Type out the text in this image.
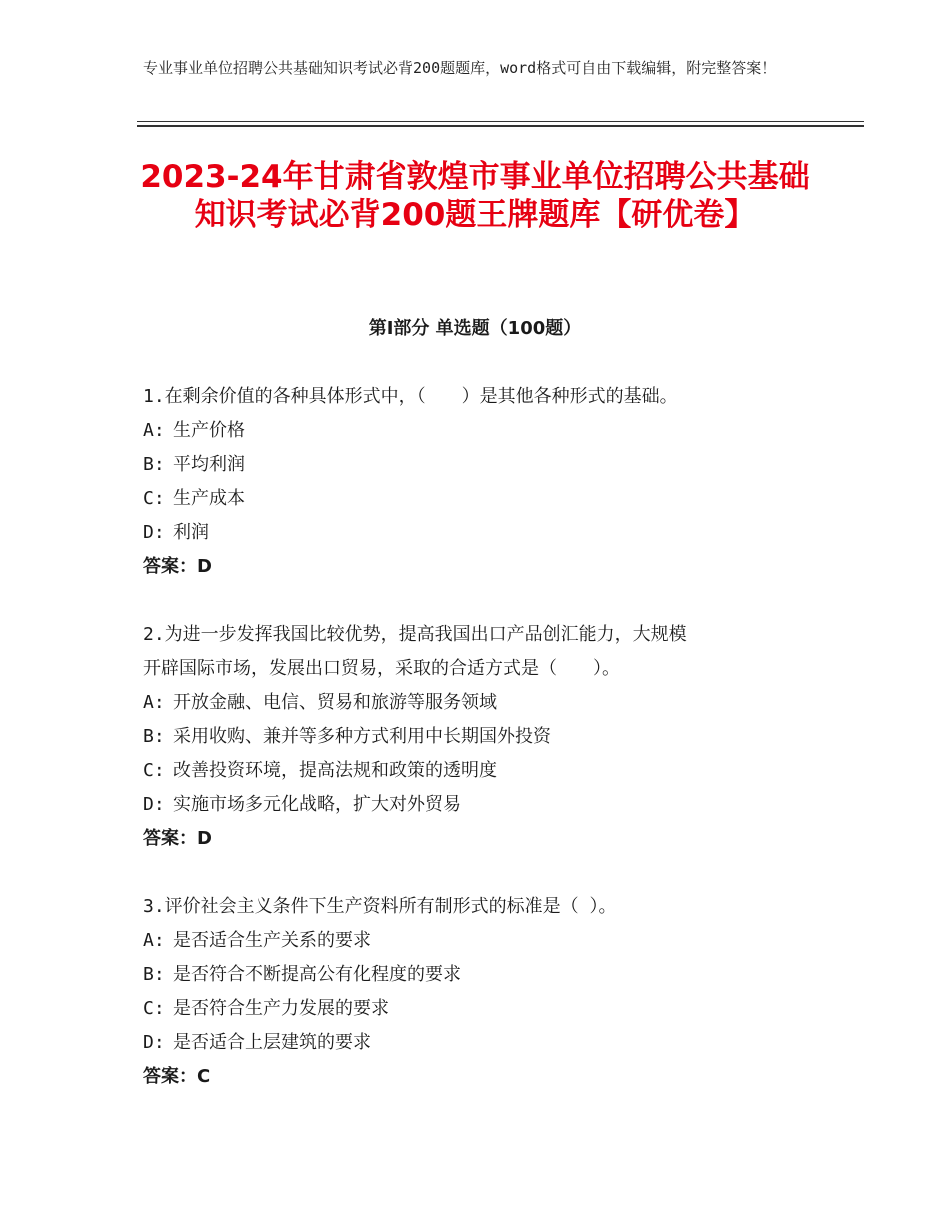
专业事业单位招聘公共基础知识考试必背200题题库，word格式可自由下载编辑，附完整答案！
2023-24年甘肃省敦煌市事业单位招聘公共基础知识考试必背200题王牌题库【研优卷】
第Ⅰ部分 单选题（100题）
1.在剩余价值的各种具体形式中，（　　）是其他各种形式的基础。
A: 生产价格
B: 平均利润
C: 生产成本
D: 利润
答案：D
2.为进一步发挥我国比较优势，提高我国出口产品创汇能力，大规模
开辟国际市场，发展出口贸易，采取的合适方式是（　　）。
A: 开放金融、电信、贸易和旅游等服务领域
B: 采用收购、兼并等多种方式利用中长期国外投资
C: 改善投资环境，提高法规和政策的透明度
D: 实施市场多元化战略，扩大对外贸易
答案：D
3.评价社会主义条件下生产资料所有制形式的标准是（ ）。
A: 是否适合生产关系的要求
B: 是否符合不断提高公有化程度的要求
C: 是否符合生产力发展的要求
D: 是否适合上层建筑的要求
答案：C
